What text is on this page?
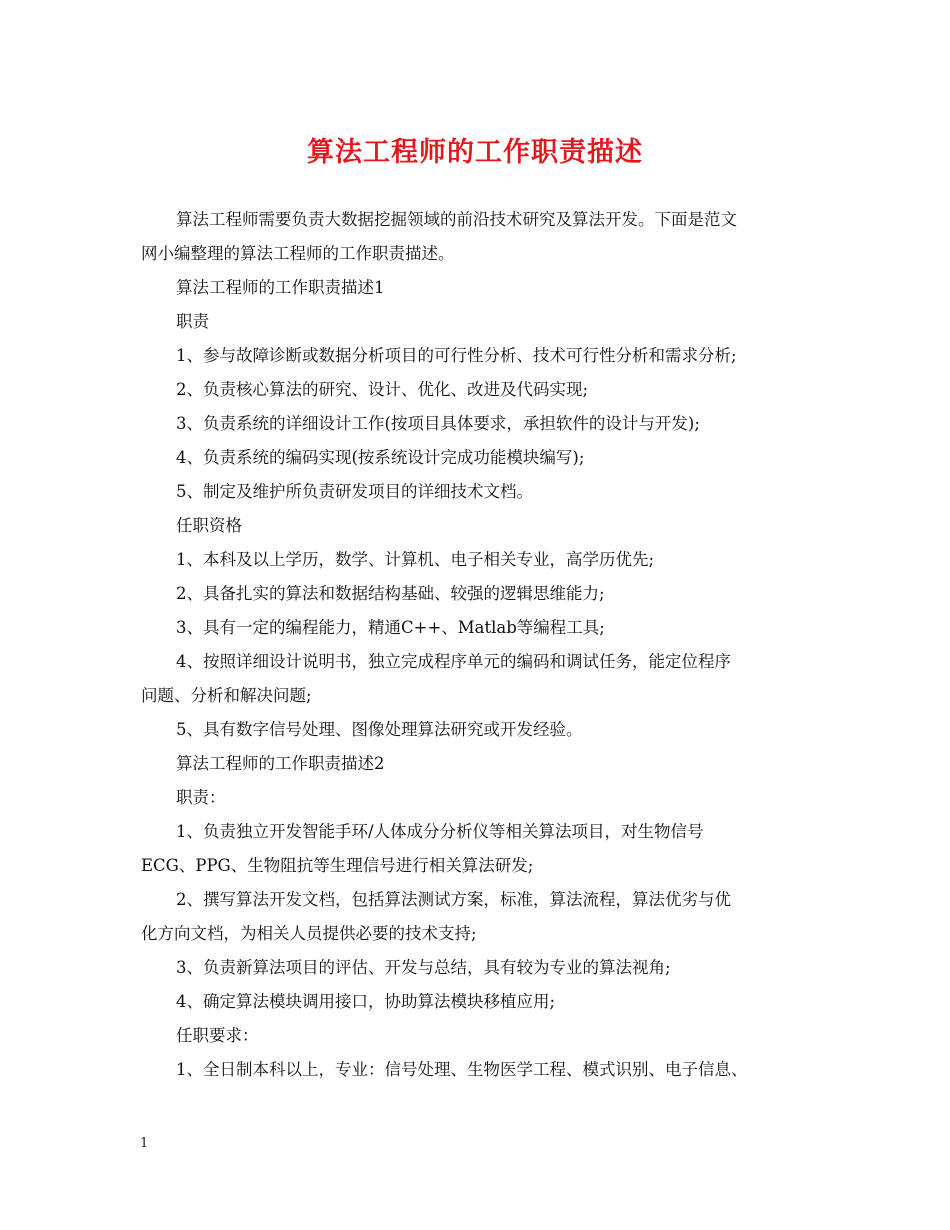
算法工程师的工作职责描述

算法工程师需要负责大数据挖掘领域的前沿技术研究及算法开发。下面是范文

网小编整理的算法工程师的工作职责描述。

算法工程师的工作职责描述1

职责

1、参与故障诊断或数据分析项目的可行性分析、技术可行性分析和需求分析;

2、负责核心算法的研究、设计、优化、改进及代码实现;

3、负责系统的详细设计工作(按项目具体要求，承担软件的设计与开发);

4、负责系统的编码实现(按系统设计完成功能模块编写);

5、制定及维护所负责研发项目的详细技术文档。

任职资格

1、本科及以上学历，数学、计算机、电子相关专业，高学历优先;

2、具备扎实的算法和数据结构基础、较强的逻辑思维能力;

3、具有一定的编程能力，精通C++、Matlab等编程工具;

4、按照详细设计说明书，独立完成程序单元的编码和调试任务，能定位程序

问题、分析和解决问题;

5、具有数字信号处理、图像处理算法研究或开发经验。

算法工程师的工作职责描述2

职责：

1、负责独立开发智能手环/人体成分分析仪等相关算法项目，对生物信号

ECG、PPG、生物阻抗等生理信号进行相关算法研发;

2、撰写算法开发文档，包括算法测试方案，标准，算法流程，算法优劣与优

化方向文档，为相关人员提供必要的技术支持;

3、负责新算法项目的评估、开发与总结，具有较为专业的算法视角;

4、确定算法模块调用接口，协助算法模块移植应用;

任职要求：

1、全日制本科以上，专业：信号处理、生物医学工程、模式识别、电子信息、

1
